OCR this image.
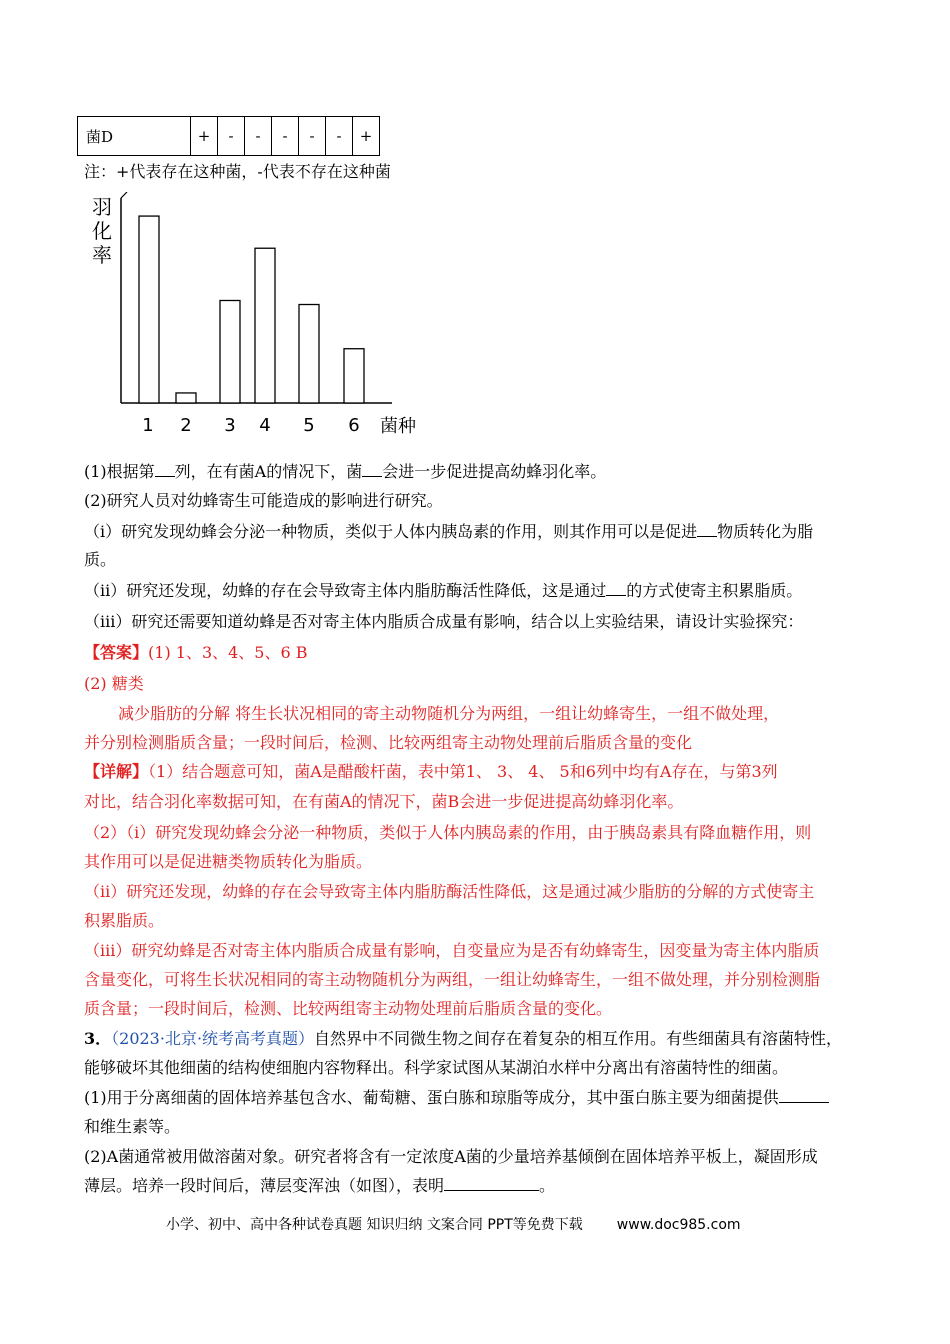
菌D	+	-	-	-	-	-	+
注：+代表存在这种菌，-代表不存在这种菌
羽化率
1 2 3 4 5 6 菌种
(1)根据第 列，在有菌A的情况下，菌 会进一步促进提高幼蜂羽化率。
(2)研究人员对幼蜂寄生可能造成的影响进行研究。
（i）研究发现幼蜂会分泌一种物质，类似于人体内胰岛素的作用，则其作用可以是促进 物质转化为脂
质。
（ii）研究还发现，幼蜂的存在会导致寄主体内脂肪酶活性降低，这是通过 的方式使寄主积累脂质。
（iii）研究还需要知道幼蜂是否对寄主体内脂质合成量有影响，结合以上实验结果，请设计实验探究：
【答案】(1) 1、3、4、5、6 B
(2) 糖类
减少脂肪的分解 将生长状况相同的寄主动物随机分为两组，一组让幼蜂寄生，一组不做处理，
并分别检测脂质含量；一段时间后，检测、比较两组寄主动物处理前后脂质含量的变化
【详解】（1）结合题意可知，菌A是醋酸杆菌，表中第1、 3、 4、 5和6列中均有A存在，与第3列
对比，结合羽化率数据可知，在有菌A的情况下，菌B会进一步促进提高幼蜂羽化率。
（2）（i）研究发现幼蜂会分泌一种物质，类似于人体内胰岛素的作用，由于胰岛素具有降血糖作用，则
其作用可以是促进糖类物质转化为脂质。
（ii）研究还发现，幼蜂的存在会导致寄主体内脂肪酶活性降低，这是通过减少脂肪的分解的方式使寄主
积累脂质。
（iii）研究幼蜂是否对寄主体内脂质合成量有影响，自变量应为是否有幼蜂寄生，因变量为寄主体内脂质
含量变化，可将生长状况相同的寄主动物随机分为两组，一组让幼蜂寄生，一组不做处理，并分别检测脂
质含量；一段时间后，检测、比较两组寄主动物处理前后脂质含量的变化。
3．（2023·北京·统考高考真题）自然界中不同微生物之间存在着复杂的相互作用。有些细菌具有溶菌特性，
能够破坏其他细菌的结构使细胞内容物释出。科学家试图从某湖泊水样中分离出有溶菌特性的细菌。
(1)用于分离细菌的固体培养基包含水、葡萄糖、蛋白胨和琼脂等成分，其中蛋白胨主要为细菌提供
和维生素等。
(2)A菌通常被用做溶菌对象。研究者将含有一定浓度A菌的少量培养基倾倒在固体培养平板上，凝固形成
薄层。培养一段时间后，薄层变浑浊（如图），表明	。
小学、初中、高中各种试卷真题 知识归纳 文案合同 PPT等免费下载 www.doc985.com
